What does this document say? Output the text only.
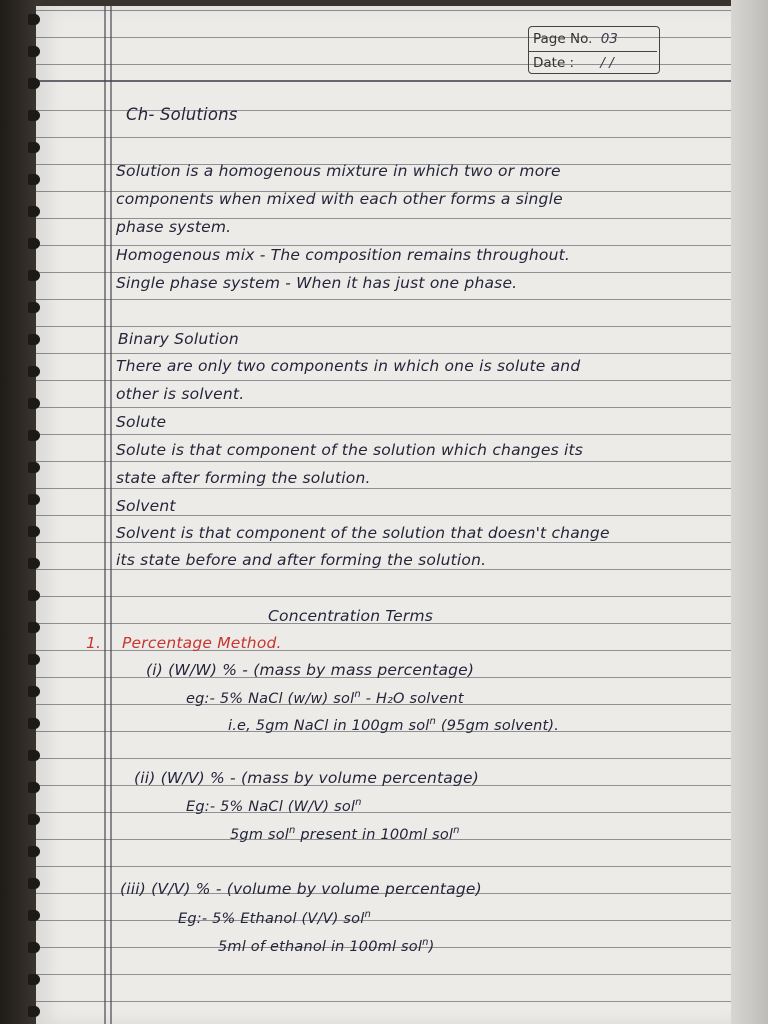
Page No. 03
Date : / /
Ch- Solutions
Solution is a homogenous mixture in which two or more
components when mixed with each other forms a single
phase system.
Homogenous mix - The composition remains throughout.
Single phase system - When it has just one phase.
Binary Solution
There are only two components in which one is solute and
other is solvent.
Solute
Solute is that component of the solution which changes its
state after forming the solution.
Solvent
Solvent is that component of the solution that doesn't change
its state before and after forming the solution.
Concentration Terms
1. Percentage Method.
(i) (W/W) % - (mass by mass percentage)
eg:- 5% NaCl (w/w) sol$^n$ - H₂O solvent
i.e, 5gm NaCl in 100gm sol$^n$ (95gm solvent).
(ii) (W/V) % - (mass by volume percentage)
Eg:- 5% NaCl (W/V) sol$^n$
5gm sol$^n$ present in 100ml sol$^n$
(iii) (V/V) % - (volume by volume percentage)
Eg:- 5% Ethanol (V/V) sol$^n$
5ml of ethanol in 100ml sol$^n$)
